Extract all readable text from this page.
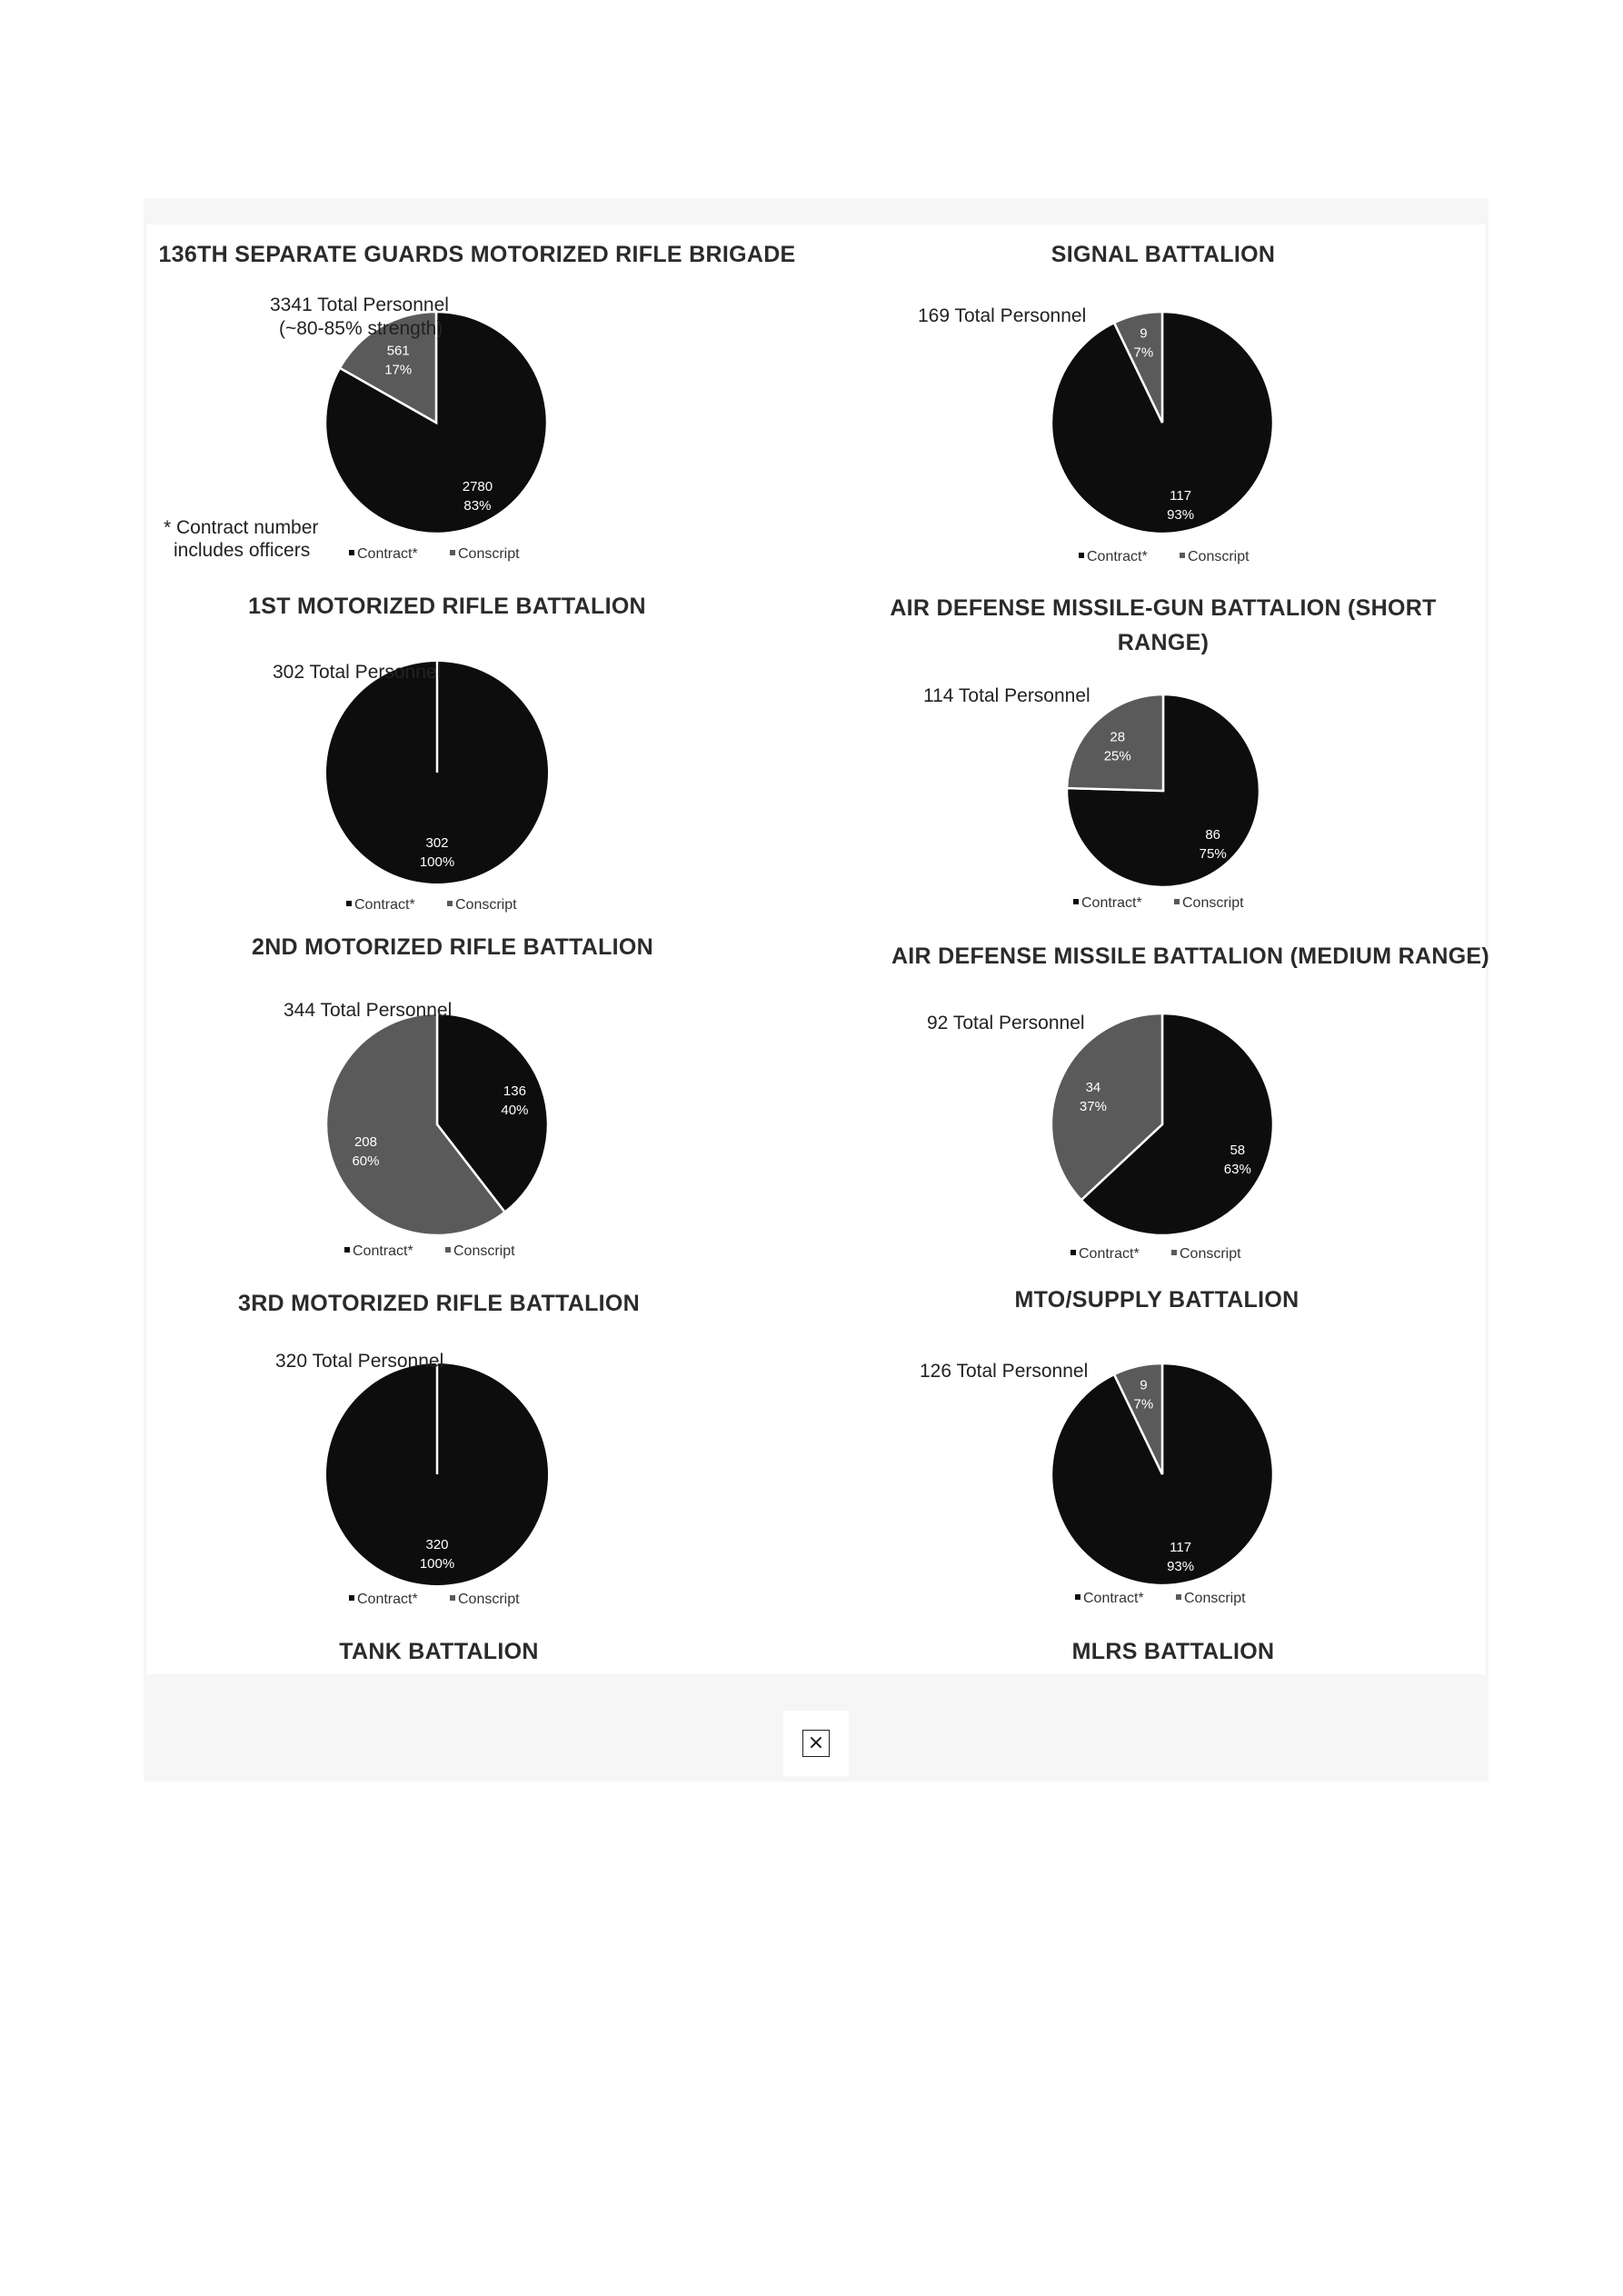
136TH SEPARATE GUARDS MOTORIZED RIFLE BRIGADE
2780
83%
561
17%
3341 Total Personnel
(~80-85% strength)
* Contract number
includes officers	Contract*	Conscript
SIGNAL BATTALION
117
93%
9
7%
169 Total Personnel
Contract*	Conscript
1ST MOTORIZED RIFLE BATTALION
302
100%
302 Total Personnel
Contract*	Conscript
AIR DEFENSE MISSILE-GUN BATTALION (SHORT
RANGE)
86
75%
28
25%
114 Total Personnel
Contract*	Conscript
2ND MOTORIZED RIFLE BATTALION
136
40%
208
60%
344 Total Personnel
Contract*	Conscript
AIR DEFENSE MISSILE BATTALION (MEDIUM RANGE)
58
63%
34
37%
92 Total Personnel
Contract*	Conscript
3RD MOTORIZED RIFLE BATTALION
320
100%
320 Total Personnel
Contract*	Conscript
MTO/SUPPLY BATTALION
117
93%
9
7%
126 Total Personnel
Contract*	Conscript
TANK BATTALION	MLRS BATTALION
×
